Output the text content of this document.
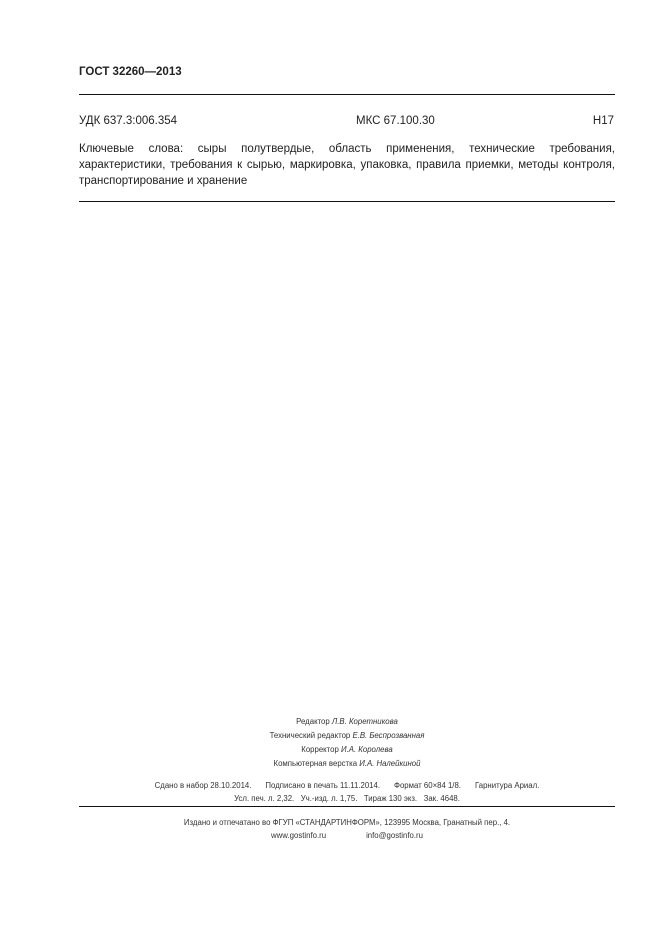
ГОСТ 32260—2013
УДК 637.3:006.354	МКС 67.100.30	Н17
Ключевые слова: сыры полутвердые, область применения, технические требования, характеристики, требования к сырью, маркировка, упаковка, правила приемки, методы контроля, транспортирование и хранение
Редактор Л.В. Коретникова
Технический редактор Е.В. Беспрозванная
Корректор И.А. Королева
Компьютерная верстка И.А. Налейкиной
Сдано в набор 28.10.2014. Подписано в печать 11.11.2014. Формат 60×84 1/8. Гарнитура Ариал.
Усл. печ. л. 2,32. Уч.-изд. л. 1,75. Тираж 130 экз. Зак. 4648.
Издано и отпечатано во ФГУП «СТАНДАРТИНФОРМ», 123995 Москва, Гранатный пер., 4.
www.gostinfo.ru	info@gostinfo.ru
